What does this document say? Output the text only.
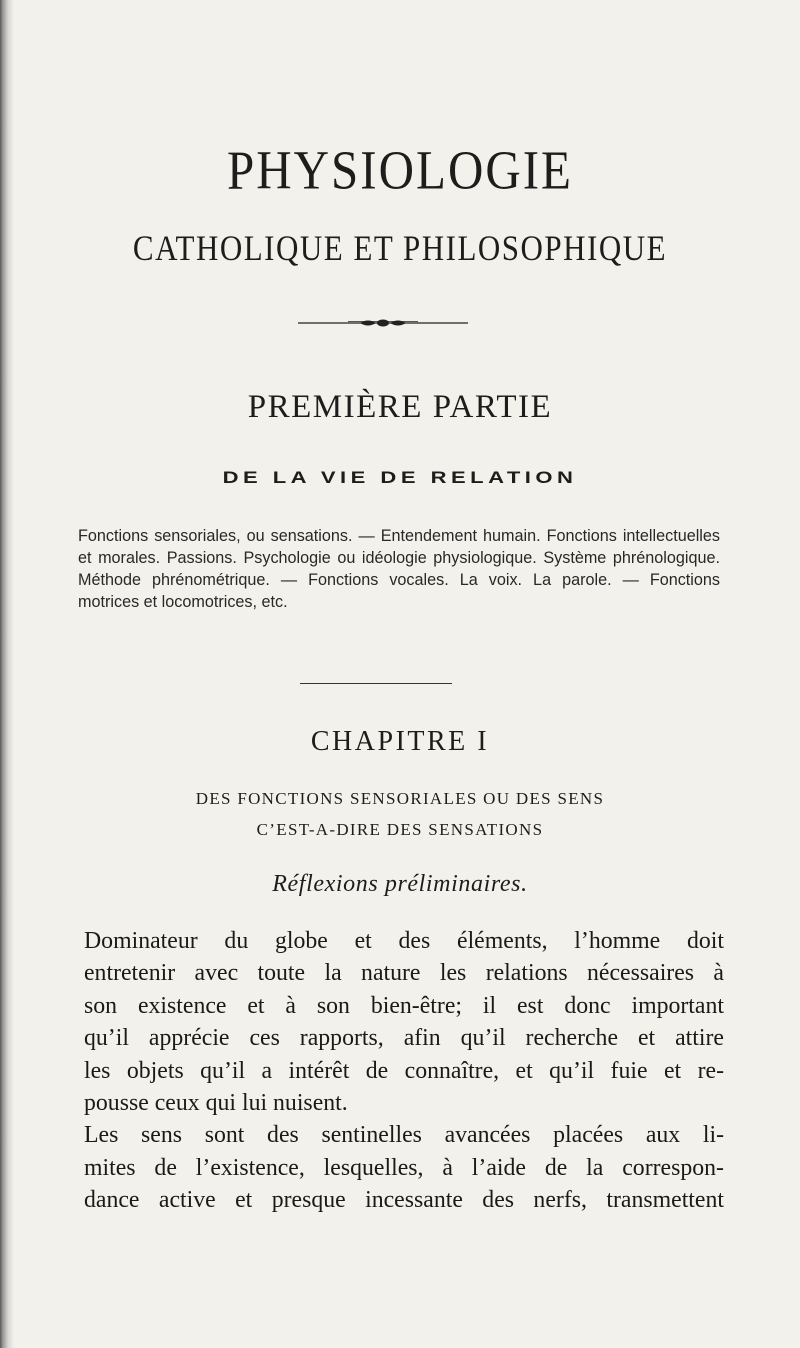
PHYSIOLOGIE
CATHOLIQUE ET PHILOSOPHIQUE
PREMIÈRE PARTIE
DE LA VIE DE RELATION
Fonctions sensoriales, ou sensations. — Entendement humain. Fonctions intellectuelles et morales. Passions. Psychologie ou idéologie physiologique. Système phrénologique. Méthode phrénométrique. — Fonctions vocales. La voix. La parole. — Fonctions motrices et locomotrices, etc.
CHAPITRE I
DES FONCTIONS SENSORIALES OU DES SENS
C’EST-A-DIRE DES SENSATIONS
Réflexions préliminaires.
Dominateur du globe et des éléments, l’homme doit
entretenir avec toute la nature les relations nécessaires à
son existence et à son bien-être; il est donc important
qu’il apprécie ces rapports, afin qu’il recherche et attire
les objets qu’il a intérêt de connaître, et qu’il fuie et re-
pousse ceux qui lui nuisent.
Les sens sont des sentinelles avancées placées aux li-
mites de l’existence, lesquelles, à l’aide de la correspon-
dance active et presque incessante des nerfs, transmettent
